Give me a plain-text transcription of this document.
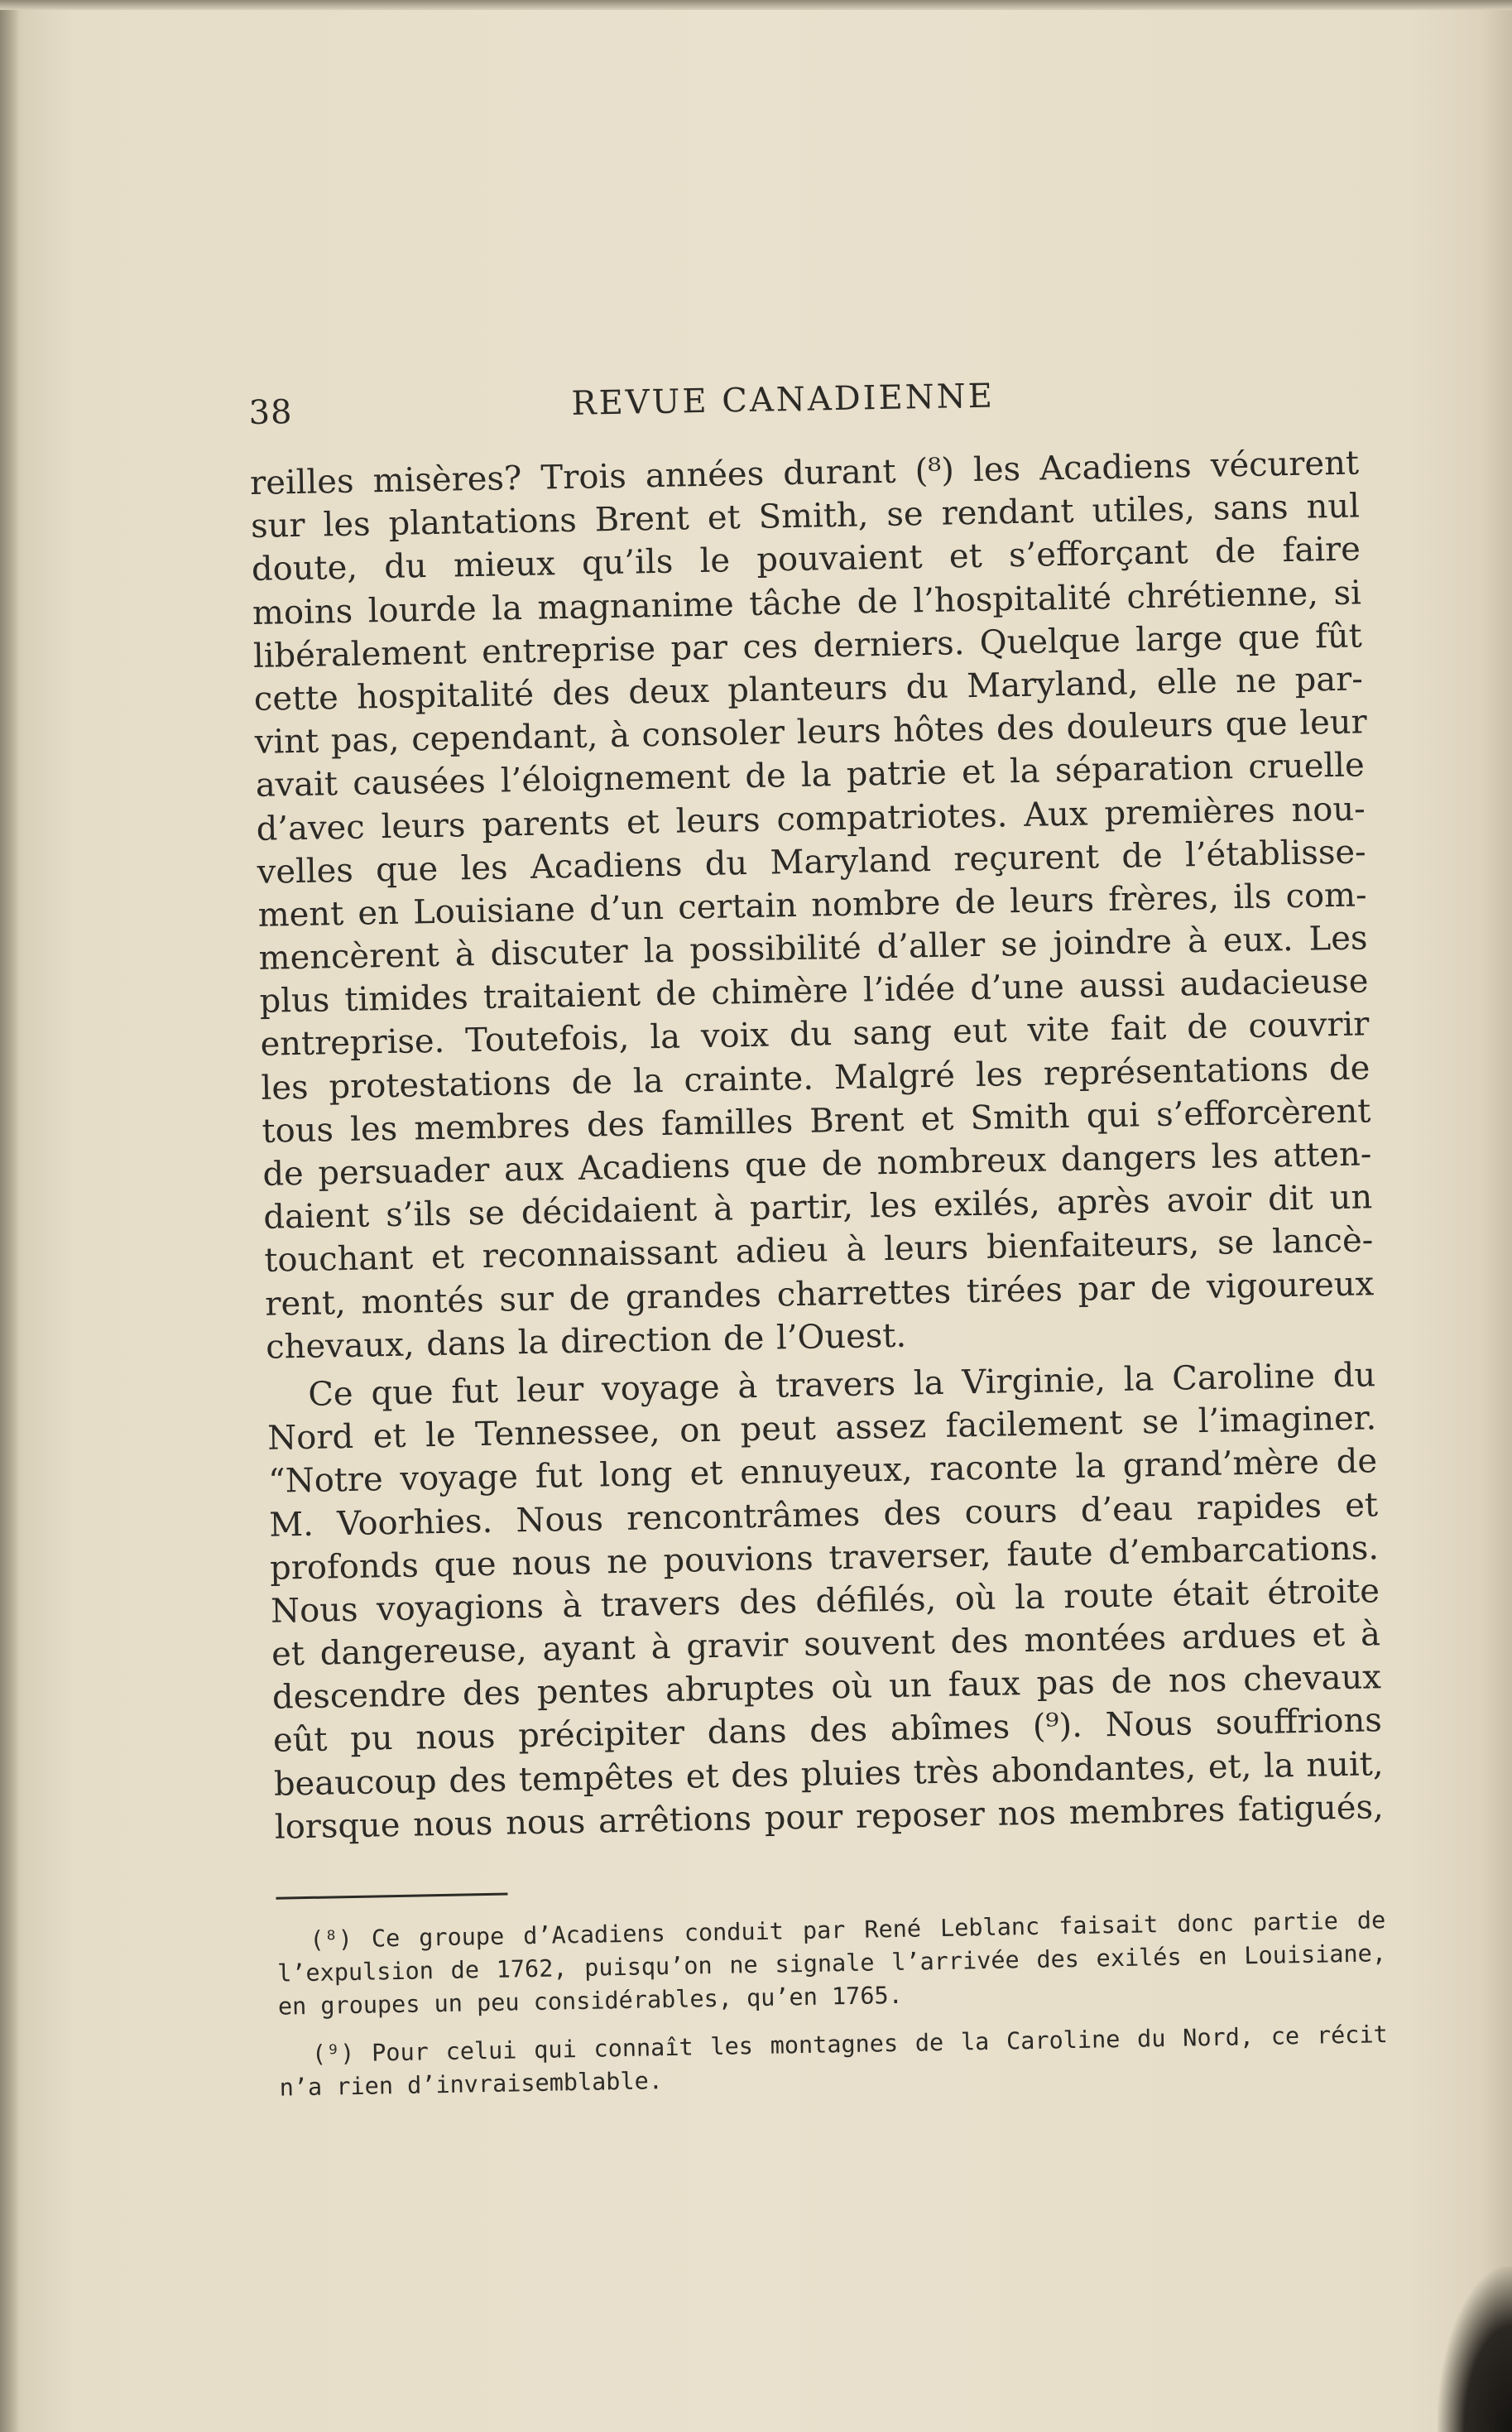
38	REVUE CANADIENNE
reilles misères? Trois années durant (⁸) les Acadiens vécurent
sur les plantations Brent et Smith, se rendant utiles, sans nul
doute, du mieux qu’ils le pouvaient et s’efforçant de faire
moins lourde la magnanime tâche de l’hospitalité chrétienne, si
libéralement entreprise par ces derniers. Quelque large que fût
cette hospitalité des deux planteurs du Maryland, elle ne par-
vint pas, cependant, à consoler leurs hôtes des douleurs que leur
avait causées l’éloignement de la patrie et la séparation cruelle
d’avec leurs parents et leurs compatriotes. Aux premières nou-
velles que les Acadiens du Maryland reçurent de l’établisse-
ment en Louisiane d’un certain nombre de leurs frères, ils com-
mencèrent à discuter la possibilité d’aller se joindre à eux. Les
plus timides traitaient de chimère l’idée d’une aussi audacieuse
entreprise. Toutefois, la voix du sang eut vite fait de couvrir
les protestations de la crainte. Malgré les représentations de
tous les membres des familles Brent et Smith qui s’efforcèrent
de persuader aux Acadiens que de nombreux dangers les atten-
daient s’ils se décidaient à partir, les exilés, après avoir dit un
touchant et reconnaissant adieu à leurs bienfaiteurs, se lancè-
rent, montés sur de grandes charrettes tirées par de vigoureux
chevaux, dans la direction de l’Ouest.
Ce que fut leur voyage à travers la Virginie, la Caroline du
Nord et le Tennessee, on peut assez facilement se l’imaginer.
“Notre voyage fut long et ennuyeux, raconte la grand’mère de
M. Voorhies. Nous rencontrâmes des cours d’eau rapides et
profonds que nous ne pouvions traverser, faute d’embarcations.
Nous voyagions à travers des défilés, où la route était étroite
et dangereuse, ayant à gravir souvent des montées ardues et à
descendre des pentes abruptes où un faux pas de nos chevaux
eût pu nous précipiter dans des abîmes (⁹). Nous souffrions
beaucoup des tempêtes et des pluies très abondantes, et, la nuit,
lorsque nous nous arrêtions pour reposer nos membres fatigués,
(⁸) Ce groupe d’Acadiens conduit par René Leblanc faisait donc partie de
l’expulsion de 1762, puisqu’on ne signale l’arrivée des exilés en Louisiane,
en groupes un peu considérables, qu’en 1765.
(⁹) Pour celui qui connaît les montagnes de la Caroline du Nord, ce récit
n’a rien d’invraisemblable.
